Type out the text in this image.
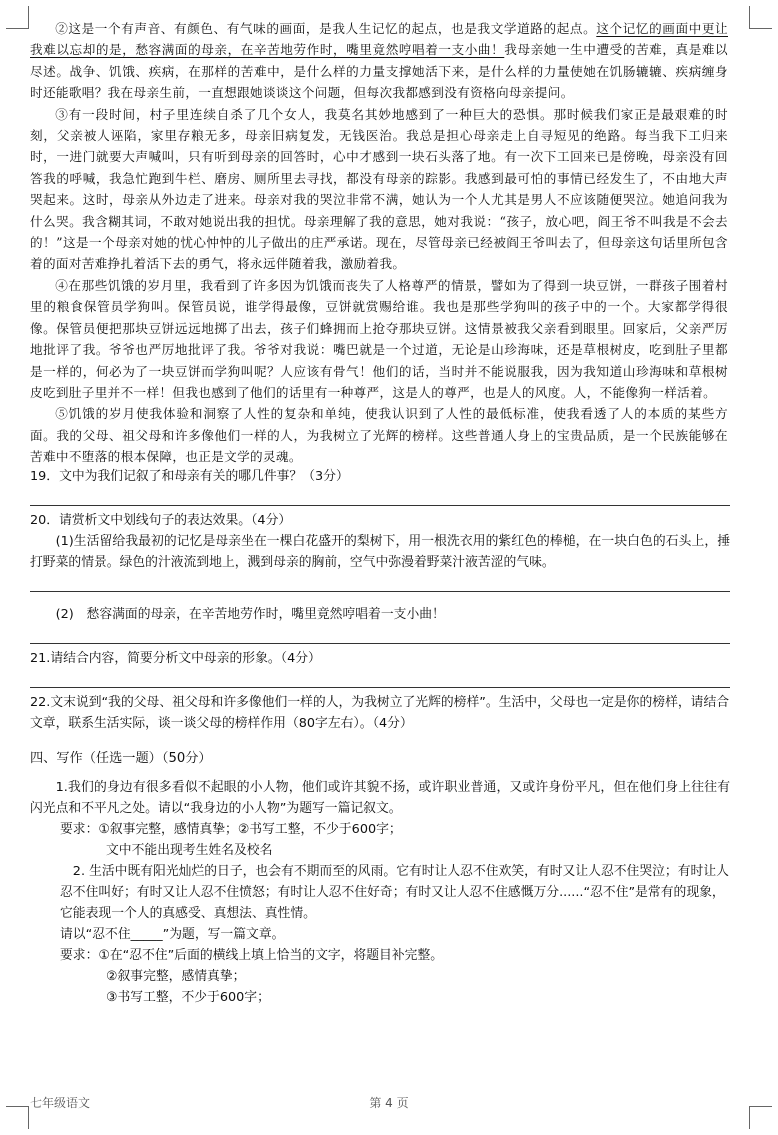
②这是一个有声音、有颜色、有气味的画面，是我人生记忆的起点，也是我文学道路的起点。这个记忆的画面中更让我难以忘却的是，愁容满面的母亲，在辛苦地劳作时，嘴里竟然哼唱着一支小曲！我母亲她一生中遭受的苦难，真是难以尽述。战争、饥饿、疾病，在那样的苦难中，是什么样的力量支撑她活下来，是什么样的力量使她在饥肠辘辘、疾病缠身时还能歌唱？我在母亲生前，一直想跟她谈谈这个问题，但每次我都感到没有资格向母亲提问。

③有一段时间，村子里连续自杀了几个女人，我莫名其妙地感到了一种巨大的恐惧。那时候我们家正是最艰难的时刻，父亲被人诬陷，家里存粮无多，母亲旧病复发，无钱医治。我总是担心母亲走上自寻短见的绝路。每当我下工归来时，一进门就要大声喊叫，只有听到母亲的回答时，心中才感到一块石头落了地。有一次下工回来已是傍晚，母亲没有回答我的呼喊，我急忙跑到牛栏、磨房、厕所里去寻找，都没有母亲的踪影。我感到最可怕的事情已经发生了，不由地大声哭起来。这时，母亲从外边走了进来。母亲对我的哭泣非常不满，她认为一个人尤其是男人不应该随便哭泣。她追问我为什么哭。我含糊其词，不敢对她说出我的担忧。母亲理解了我的意思，她对我说：“孩子，放心吧，阎王爷不叫我是不会去的！”这是一个母亲对她的忧心忡忡的儿子做出的庄严承诺。现在，尽管母亲已经被阎王爷叫去了，但母亲这句话里所包含着的面对苦难挣扎着活下去的勇气，将永远伴随着我，激励着我。

④在那些饥饿的岁月里，我看到了许多因为饥饿而丧失了人格尊严的情景，譬如为了得到一块豆饼，一群孩子围着村里的粮食保管员学狗叫。保管员说，谁学得最像，豆饼就赏赐给谁。我也是那些学狗叫的孩子中的一个。大家都学得很像。保管员便把那块豆饼远远地掷了出去，孩子们蜂拥而上抢夺那块豆饼。这情景被我父亲看到眼里。回家后，父亲严厉地批评了我。爷爷也严厉地批评了我。爷爷对我说：嘴巴就是一个过道，无论是山珍海味，还是草根树皮，吃到肚子里都是一样的，何必为了一块豆饼而学狗叫呢？人应该有骨气！他们的话，当时并不能说服我，因为我知道山珍海味和草根树皮吃到肚子里并不一样！但我也感到了他们的话里有一种尊严，这是人的尊严，也是人的风度。人，不能像狗一样活着。

⑤饥饿的岁月使我体验和洞察了人性的复杂和单纯，使我认识到了人性的最低标准，使我看透了人的本质的某些方面。我的父母、祖父母和许多像他们一样的人，为我树立了光辉的榜样。这些普通人身上的宝贵品质，是一个民族能够在苦难中不堕落的根本保障，也正是文学的灵魂。

19．文中为我们记叙了和母亲有关的哪几件事？（3分）

20．请赏析文中划线句子的表达效果。（4分）

(1)生活留给我最初的记忆是母亲坐在一棵白花盛开的梨树下，用一根洗衣用的紫红色的棒槌，在一块白色的石头上，捶打野菜的情景。绿色的汁液流到地上，溅到母亲的胸前，空气中弥漫着野菜汁液苦涩的气味。

(2)　愁容满面的母亲，在辛苦地劳作时，嘴里竟然哼唱着一支小曲！

21.请结合内容，简要分析文中母亲的形象。（4分）

22.文末说到“我的父母、祖父母和许多像他们一样的人，为我树立了光辉的榜样”。生活中，父母也一定是你的榜样，请结合文章，联系生活实际，谈一谈父母的榜样作用（80字左右）。（4分）

四、写作（任选一题）（50分）

1.我们的身边有很多看似不起眼的小人物，他们或许其貌不扬，或许职业普通，又或许身份平凡，但在他们身上往往有闪光点和不平凡之处。请以“我身边的小人物”为题写一篇记叙文。

要求：①叙事完整，感情真挚；②书写工整，不少于600字；

文中不能出现考生姓名及校名

2. 生活中既有阳光灿烂的日子，也会有不期而至的风雨。它有时让人忍不住欢笑，有时又让人忍不住哭泣；有时让人忍不住叫好；有时又让人忍不住愤怒；有时让人忍不住好奇；有时又让人忍不住感慨万分......“忍不住”是常有的现象，它能表现一个人的真感受、真想法、真性情。

请以“忍不住_____”为题，写一篇文章。

要求：①在“忍不住”后面的横线上填上恰当的文字，将题目补完整。

②叙事完整，感情真挚；

③书写工整，不少于600字；

七年级语文	第 4 页
